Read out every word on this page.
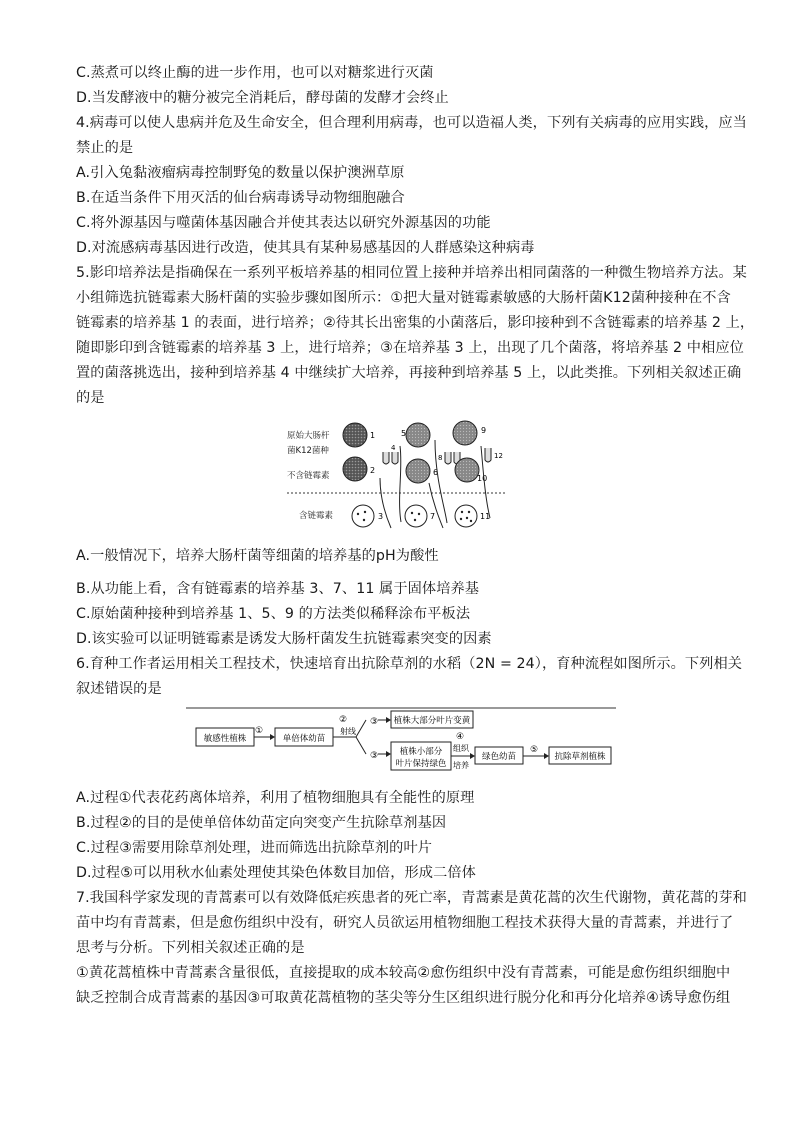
C.蒸煮可以终止酶的进一步作用，也可以对糖浆进行灭菌
D.当发酵液中的糖分被完全消耗后，酵母菌的发酵才会终止
4.病毒可以使人患病并危及生命安全，但合理利用病毒，也可以造福人类，下列有关病毒的应用实践，应当
禁止的是
A.引入兔黏液瘤病毒控制野兔的数量以保护澳洲草原
B.在适当条件下用灭活的仙台病毒诱导动物细胞融合
C.将外源基因与噬菌体基因融合并使其表达以研究外源基因的功能
D.对流感病毒基因进行改造，使其具有某种易感基因的人群感染这种病毒
5.影印培养法是指确保在一系列平板培养基的相同位置上接种并培养出相同菌落的一种微生物培养方法。某
小组筛选抗链霉素大肠杆菌的实验步骤如图所示：①把大量对链霉素敏感的大肠杆菌K12菌种接种在不含
链霉素的培养基 1 的表面，进行培养；②待其长出密集的小菌落后，影印接种到不含链霉素的培养基 2 上，
随即影印到含链霉素的培养基 3 上，进行培养；③在培养基 3 上，出现了几个菌落，将培养基 2 中相应位
置的菌落挑选出，接种到培养基 4 中继续扩大培养，再接种到培养基 5 上，以此类推。下列相关叙述正确
的是
原始大肠杆
菌K12菌种
不含链霉素
含链霉素
1
2
3
4
5
6
7
8
9
10
11
12
A.一般情况下，培养大肠杆菌等细菌的培养基的pH为酸性
B.从功能上看，含有链霉素的培养基 3、7、11 属于固体培养基
C.原始菌种接种到培养基 1、5、9 的方法类似稀释涂布平板法
D.该实验可以证明链霉素是诱发大肠杆菌发生抗链霉素突变的因素
6.育种工作者运用相关工程技术，快速培育出抗除草剂的水稻（2N = 24），育种流程如图所示。下列相关
叙述错误的是
敏感性植株
①
单倍体幼苗
②
射线
③ 植株大部分叶片变黄
③	植株小部分
叶片保持绿色
④
组织
培养
绿色幼苗
⑤
抗除草剂植株
A.过程①代表花药离体培养，利用了植物细胞具有全能性的原理
B.过程②的目的是使单倍体幼苗定向突变产生抗除草剂基因
C.过程③需要用除草剂处理，进而筛选出抗除草剂的叶片
D.过程⑤可以用秋水仙素处理使其染色体数目加倍，形成二倍体
7.我国科学家发现的青蒿素可以有效降低疟疾患者的死亡率，青蒿素是黄花蒿的次生代谢物，黄花蒿的芽和
苗中均有青蒿素，但是愈伤组织中没有，研究人员欲运用植物细胞工程技术获得大量的青蒿素，并进行了
思考与分析。下列相关叙述正确的是
①黄花蒿植株中青蒿素含量很低，直接提取的成本较高②愈伤组织中没有青蒿素，可能是愈伤组织细胞中
缺乏控制合成青蒿素的基因③可取黄花蒿植物的茎尖等分生区组织进行脱分化和再分化培养④诱导愈伤组
